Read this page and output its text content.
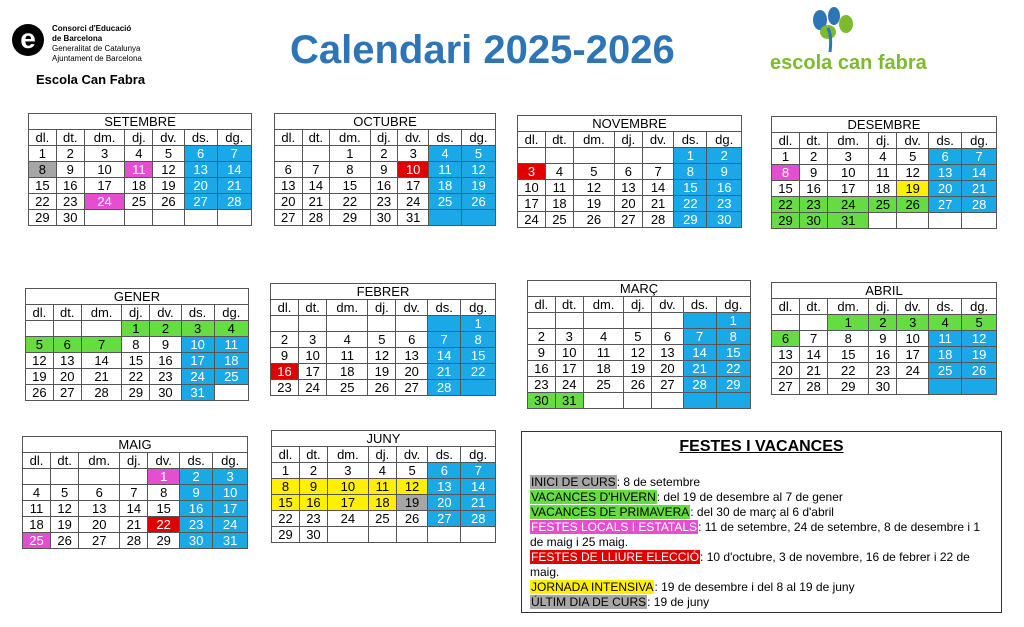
e	Consorci d'Educació
de Barcelona
Generalitat de Catalunya
Ajuntament de Barcelona
Escola Can Fabra
Calendari 2025-2026	escola can fabra
SETEMBRE						
dl.	dt.	dm.	dj.	dv.	ds.	dg.
1	2	3	4	5	6	7
8	9	10	11	12	13	14
15	16	17	18	19	20	21
22	23	24	25	26	27	28
29	30					
OCTUBRE						
dl.	dt.	dm.	dj.	dv.	ds.	dg.
		1	2	3	4	5
6	7	8	9	10	11	12
13	14	15	16	17	18	19
20	21	22	23	24	25	26
27	28	29	30	31		
NOVEMBRE						
dl.	dt.	dm.	dj.	dv.	ds.	dg.
					1	2
3	4	5	6	7	8	9
10	11	12	13	14	15	16
17	18	19	20	21	22	23
24	25	26	27	28	29	30
DESEMBRE						
dl.	dt.	dm.	dj.	dv.	ds.	dg.
1	2	3	4	5	6	7
8	9	10	11	12	13	14
15	16	17	18	19	20	21
22	23	24	25	26	27	28
29	30	31				
GENER						
dl.	dt.	dm.	dj.	dv.	ds.	dg.
			1	2	3	4
5	6	7	8	9	10	11
12	13	14	15	16	17	18
19	20	21	22	23	24	25
26	27	28	29	30	31	
FEBRER						
dl.	dt.	dm.	dj.	dv.	ds.	dg.
						1
2	3	4	5	6	7	8
9	10	11	12	13	14	15
16	17	18	19	20	21	22
23	24	25	26	27	28	
MARÇ						
dl.	dt.	dm.	dj.	dv.	ds.	dg.
						1
2	3	4	5	6	7	8
9	10	11	12	13	14	15
16	17	18	19	20	21	22
23	24	25	26	27	28	29
30	31					
ABRIL						
dl.	dt.	dm.	dj.	dv.	ds.	dg.
		1	2	3	4	5
6	7	8	9	10	11	12
13	14	15	16	17	18	19
20	21	22	23	24	25	26
27	28	29	30			
MAIG						
dl.	dt.	dm.	dj.	dv.	ds.	dg.
				1	2	3
4	5	6	7	8	9	10
11	12	13	14	15	16	17
18	19	20	21	22	23	24
25	26	27	28	29	30	31
JUNY						
dl.	dt.	dm.	dj.	dv.	ds.	dg.
1	2	3	4	5	6	7
8	9	10	11	12	13	14
15	16	17	18	19	20	21
22	23	24	25	26	27	28
29	30					
FESTES I VACANCES
INICI DE CURS: 8 de setembre
VACANCES D'HIVERN: del 19 de desembre al 7 de gener
VACANCES DE PRIMAVERA: del 30 de març al 6 d'abril
FESTES LOCALS I ESTATALS: 11 de setembre, 24 de setembre, 8 de desembre i 1 de maig i 25 maig.
FESTES DE LLIURE ELECCIÓ: 10 d'octubre, 3 de novembre, 16 de febrer i 22 de maig.
JORNADA INTENSIVA: 19 de desembre i del 8 al 19 de juny
ÚLTIM DIA DE CURS: 19 de juny
